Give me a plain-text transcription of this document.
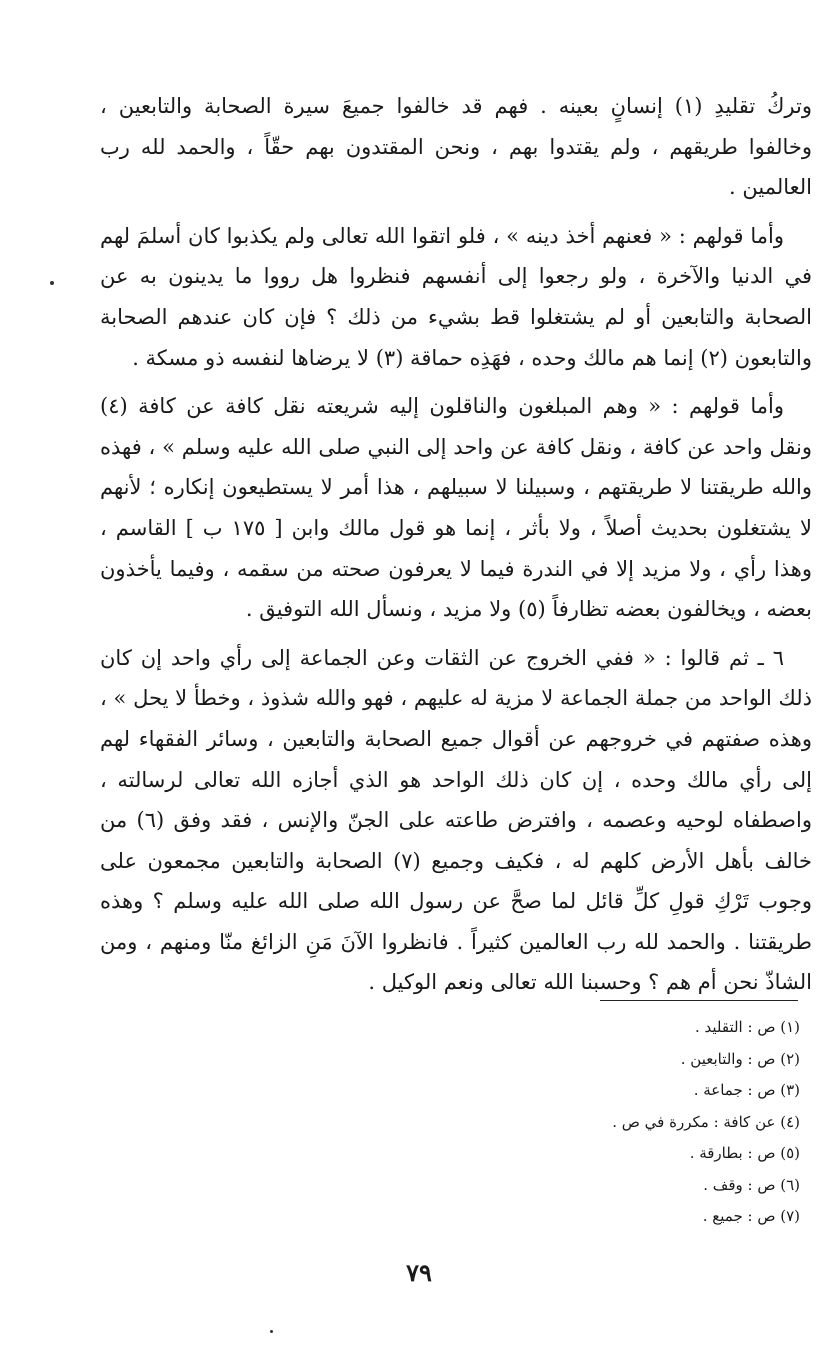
وتركُ تقليدِ (١) إنسانٍ بعينه . فهم قد خالفوا جميعَ سيرة الصحابة والتابعين ، وخالفوا طريقهم ، ولم يقتدوا بهم ، ونحن المقتدون بهم حقّاً ، والحمد لله رب العالمين .

وأما قولهم : « فعنهم أخذ دينه » ، فلو اتقوا الله تعالى ولم يكذبوا كان أسلمَ لهم في الدنيا والآخرة ، ولو رجعوا إلى أنفسهم فنظروا هل رووا ما يدينون به عن الصحابة والتابعين أو لم يشتغلوا قط بشيء من ذلك ؟ فإن كان عندهم الصحابة والتابعون (٢) إنما هم مالك وحده ، فهَذِه حماقة (٣) لا يرضاها لنفسه ذو مسكة .

وأما قولهم : « وهم المبلغون والناقلون إليه شريعته نقل كافة عن كافة (٤) ونقل واحد عن كافة ، ونقل كافة عن واحد إلى النبي صلى الله عليه وسلم » ، فهذه والله طريقتنا لا طريقتهم ، وسبيلنا لا سبيلهم ، هذا أمر لا يستطيعون إنكاره ؛ لأنهم لا يشتغلون بحديث أصلاً ، ولا بأثر ، إنما هو قول مالك وابن [ ١٧٥ ب ] القاسم ، وهذا رأي ، ولا مزيد إلا في الندرة فيما لا يعرفون صحته من سقمه ، وفيما يأخذون بعضه ، ويخالفون بعضه تظارفاً (٥) ولا مزيد ، ونسأل الله التوفيق .

٦ ـ ثم قالوا : « ففي الخروج عن الثقات وعن الجماعة إلى رأي واحد إن كان ذلك الواحد من جملة الجماعة لا مزية له عليهم ، فهو والله شذوذ ، وخطأ لا يحل » ، وهذه صفتهم في خروجهم عن أقوال جميع الصحابة والتابعين ، وسائر الفقهاء لهم إلى رأي مالك وحده ، إن كان ذلك الواحد هو الذي أجازه الله تعالى لرسالته ، واصطفاه لوحيه وعصمه ، وافترض طاعته على الجنّ والإنس ، فقد وفق (٦) من خالف بأهل الأرض كلهم له ، فكيف وجميع (٧) الصحابة والتابعين مجمعون على وجوب تَرْكِ قولِ كلِّ قائل لما صحَّ عن رسول الله صلى الله عليه وسلم ؟ وهذه طريقتنا . والحمد لله رب العالمين كثيراً . فانظروا الآنَ مَنِ الزائغ منّا ومنهم ، ومن الشاذّ نحن أم هم ؟ وحسبنا الله تعالى ونعم الوكيل .

(١) ص : التقليد .
(٢) ص : والتابعين .
(٣) ص : جماعة .
(٤) عن كافة : مكررة في ص .
(٥) ص : بطارقة .
(٦) ص : وقف .
(٧) ص : جميع .
٧٩
